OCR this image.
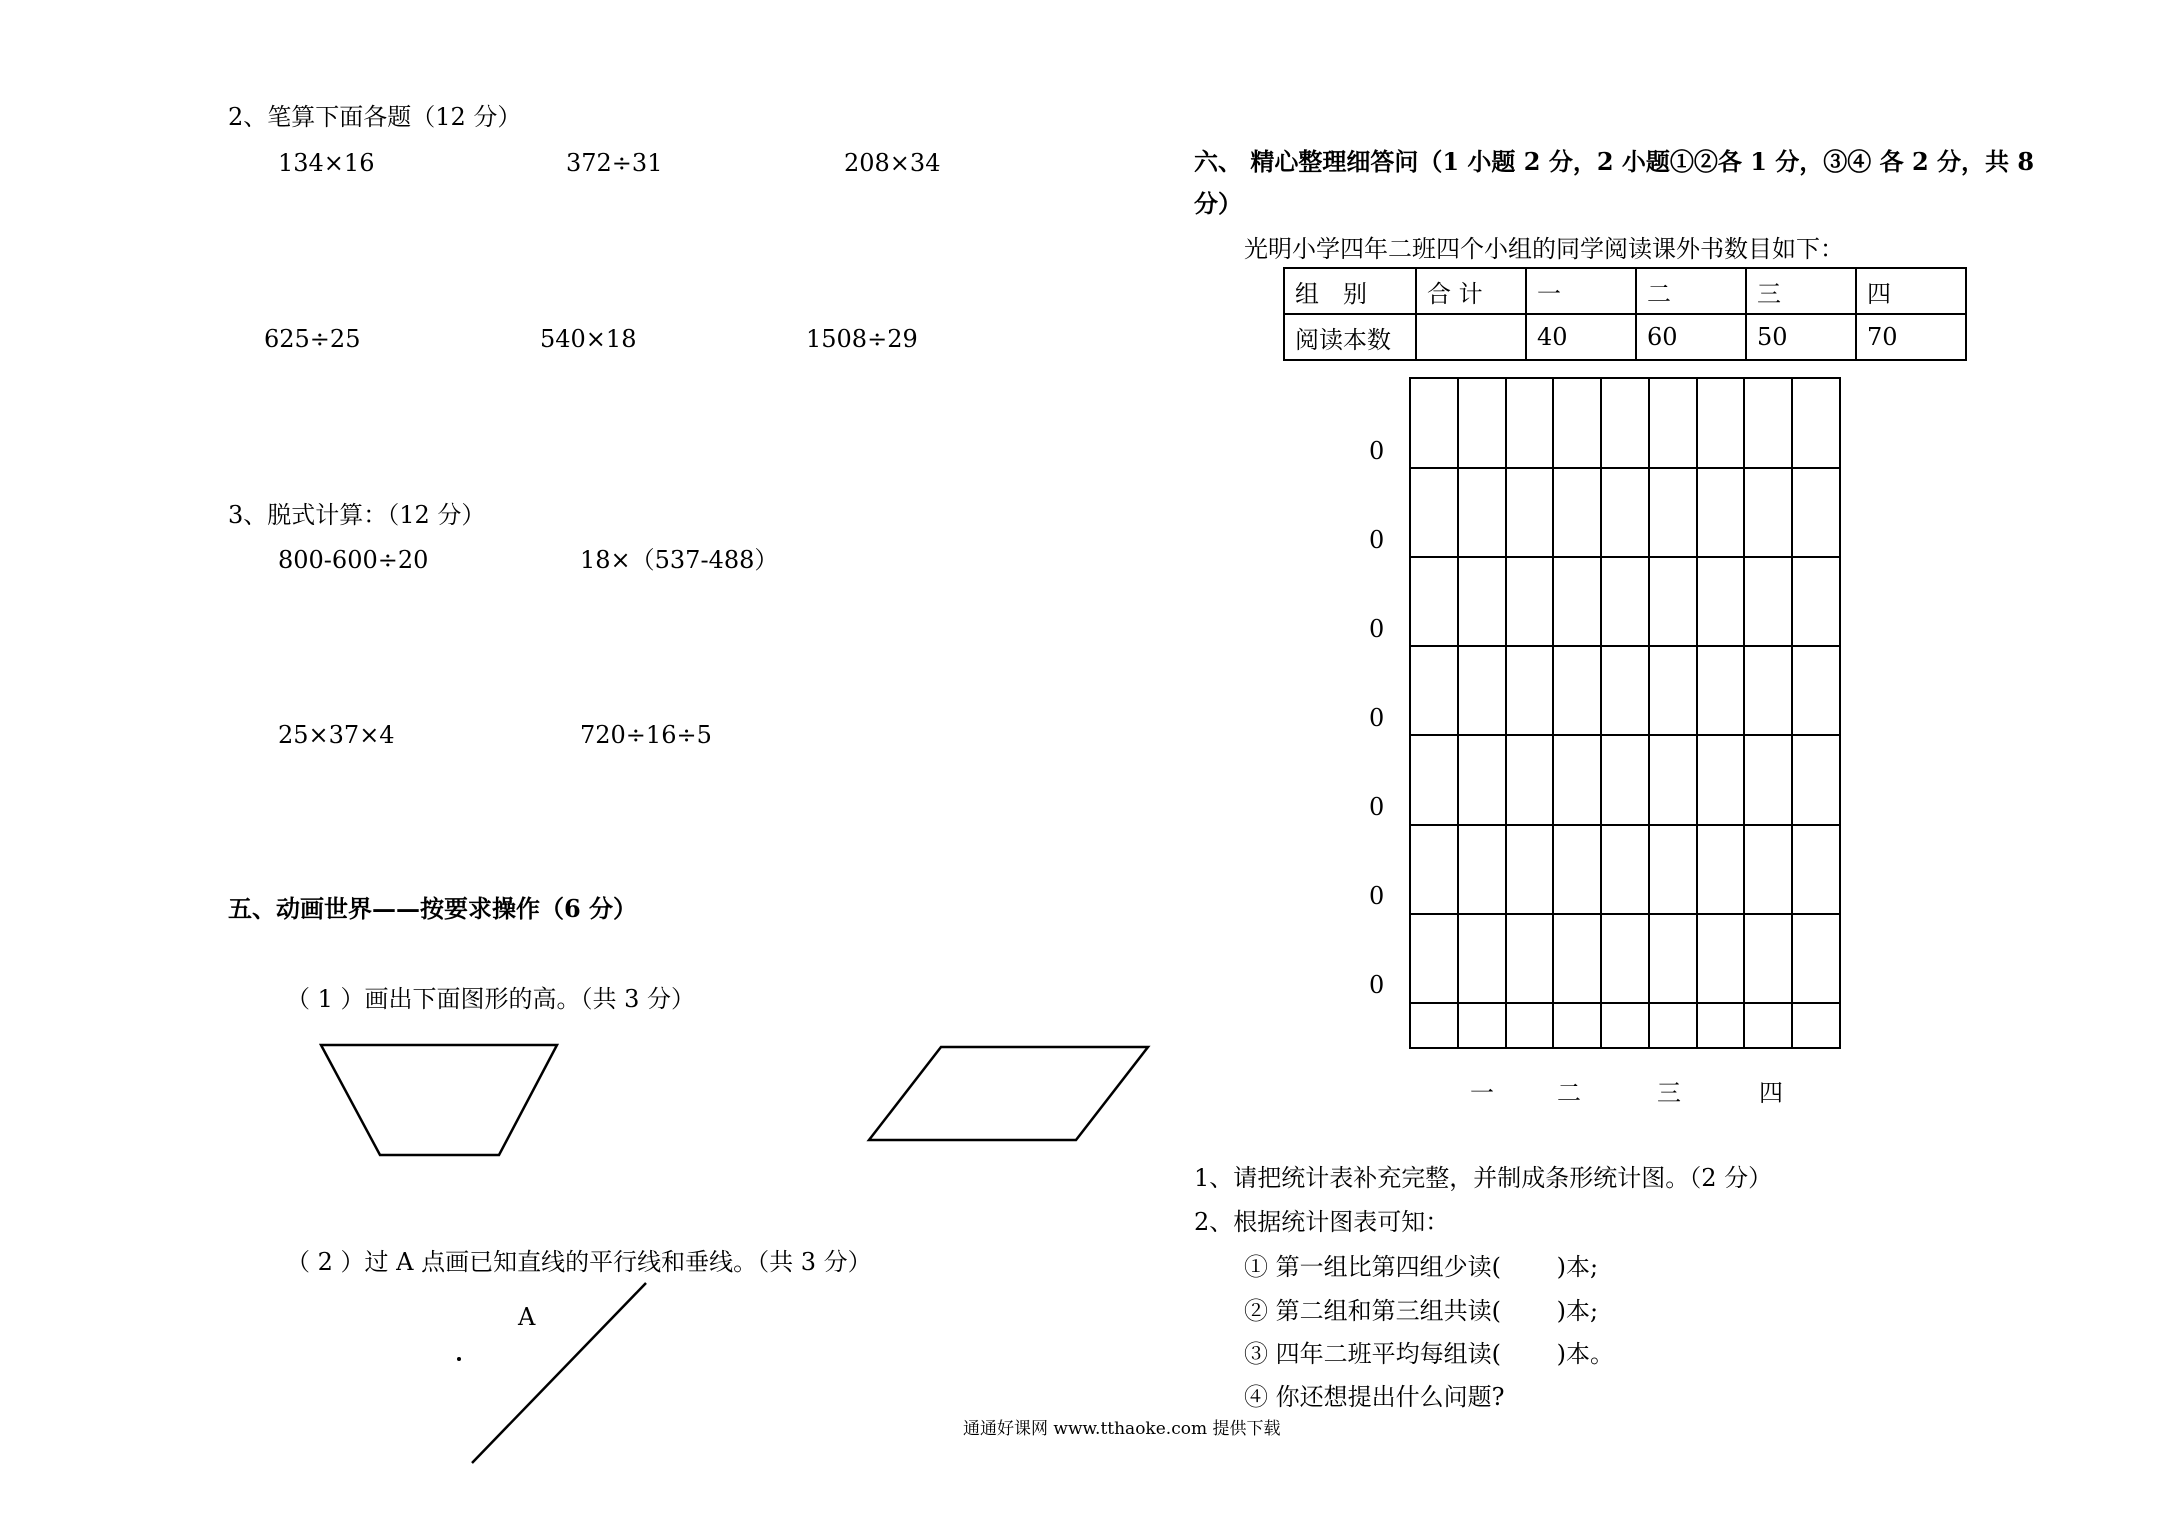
2、笔算下面各题（12 分）
134×16	372÷31	208×34
625÷25	540×18	1508÷29
3、脱式计算：（12 分）
800-600÷20	18×（537-488）
25×37×4	720÷16÷5
五、动画世界——按要求操作（6 分）
（ 1 ）画出下面图形的高。（共 3 分）
（ 2 ）过 A 点画已知直线的平行线和垂线。（共 3 分）
A
六、 精心整理细答问（1 小题 2 分，2 小题①②各 1 分，③④ 各 2 分，共 8
分）
光明小学四年二班四个小组的同学阅读课外书数目如下：
组　别	合 计	一	二	三	四
阅读本数		40	60	50	70
0
0
0
0
0
0
0
一	二	三	四
1、请把统计表补充完整，并制成条形统计图。（2 分）
2、根据统计图表可知：
① 第一组比第四组少读(　　 )本;
② 第二组和第三组共读(　　 )本;
③ 四年二班平均每组读(　　 )本。
④ 你还想提出什么问题?
通通好课网 www.tthaoke.com 提供下载
